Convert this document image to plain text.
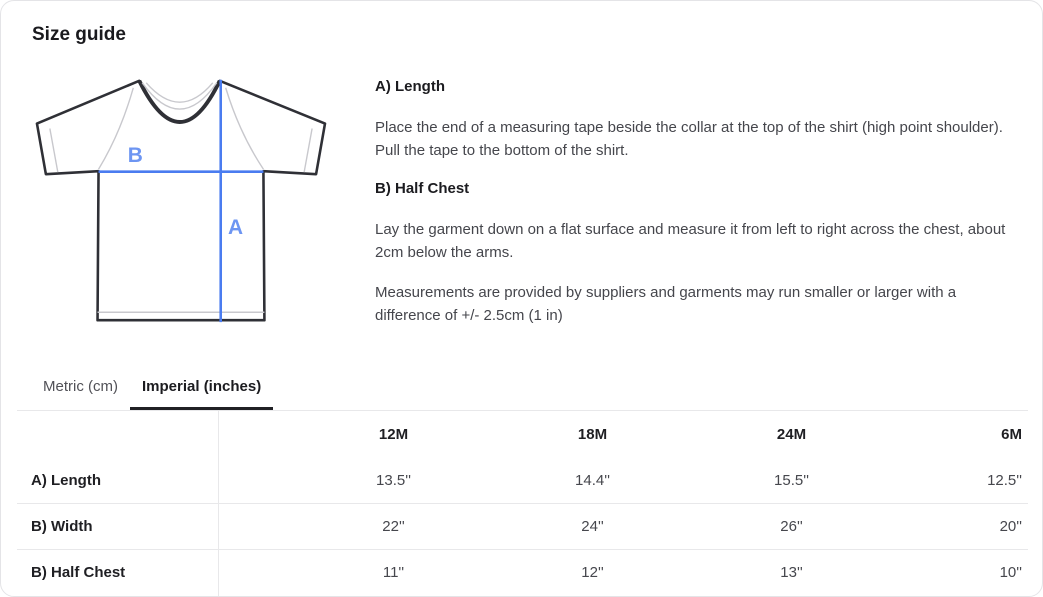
Size guide
B
A
A) Length

Place the end of a measuring tape beside the collar at the top of the shirt (high point shoulder). Pull the tape to the bottom of the shirt.

B) Half Chest

Lay the garment down on a flat surface and measure it from left to right across the chest, about 2cm below the arms.

Measurements are provided by suppliers and garments may run smaller or larger with a difference of +/- 2.5cm (1 in)

Metric (cm)	Imperial (inches)
		12M	18M	24M	6M
A) Length		13.5''	14.4''	15.5''	12.5''
B) Width		22''	24''	26''	20''
B) Half Chest		11''	12''	13''	10''
